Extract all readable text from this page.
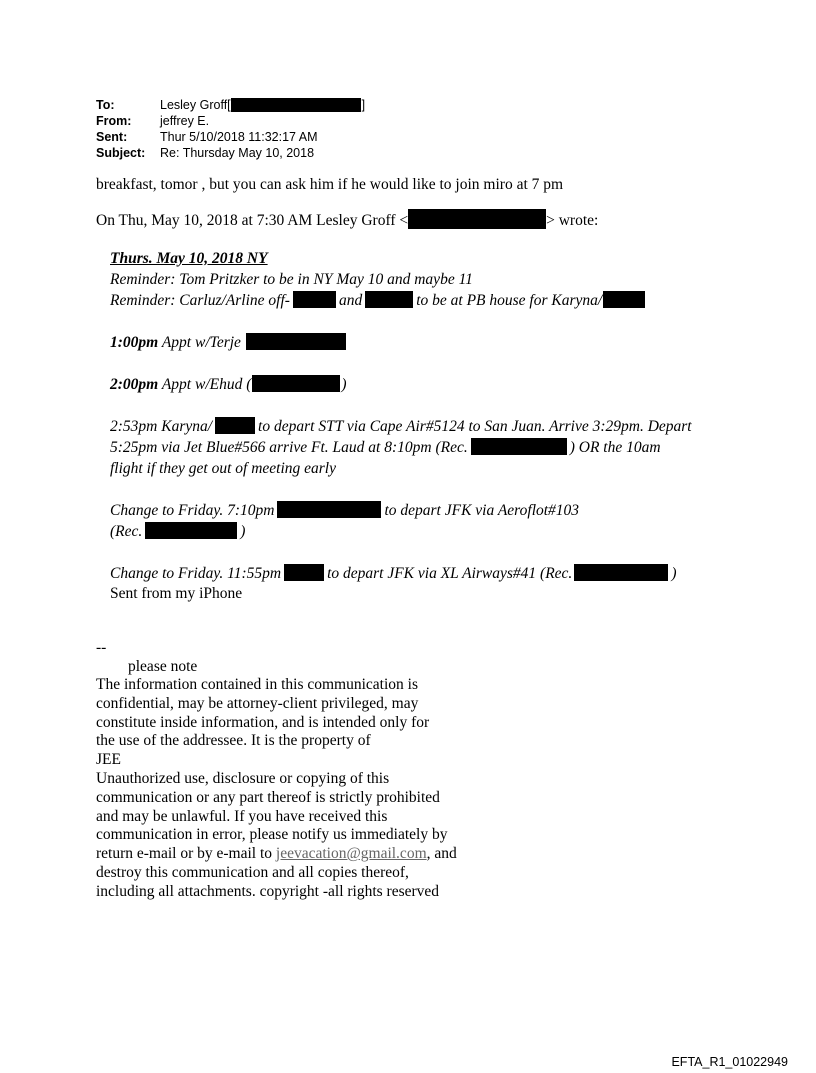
To:	Lesley Groff[	]
From:	jeffrey E.
Sent:	Thur 5/10/2018 11:32:17 AM
Subject:	Re: Thursday May 10, 2018
breakfast, tomor , but you can ask him if he would like to join miro at 7 pm
On Thu, May 10, 2018 at 7:30 AM Lesley Groff <	> wrote:
Thurs. May 10, 2018 NY
Reminder: Tom Pritzker to be in NY May 10 and maybe 11
Reminder: Carluz/Arline off-	and	to be at PB house for Karyna/
1:00pm Appt w/Terje
2:00pm Appt w/Ehud (	)
2:53pm Karyna/	to depart STT via Cape Air#5124 to San Juan. Arrive 3:29pm. Depart
5:25pm via Jet Blue#566 arrive Ft. Laud at 8:10pm (Rec.	) OR the 10am
flight if they get out of meeting early
Change to Friday. 7:10pm	to depart JFK via Aeroflot#103
(Rec.	)
Change to Friday. 11:55pm	to depart JFK via XL Airways#41 (Rec.	)
Sent from my iPhone
--
please note
The information contained in this communication is
confidential, may be attorney-client privileged, may
constitute inside information, and is intended only for
the use of the addressee. It is the property of
JEE
Unauthorized use, disclosure or copying of this
communication or any part thereof is strictly prohibited
and may be unlawful. If you have received this
communication in error, please notify us immediately by
return e-mail or by e-mail to jeevacation@gmail.com, and
destroy this communication and all copies thereof,
including all attachments. copyright -all rights reserved
EFTA_R1_01022949
